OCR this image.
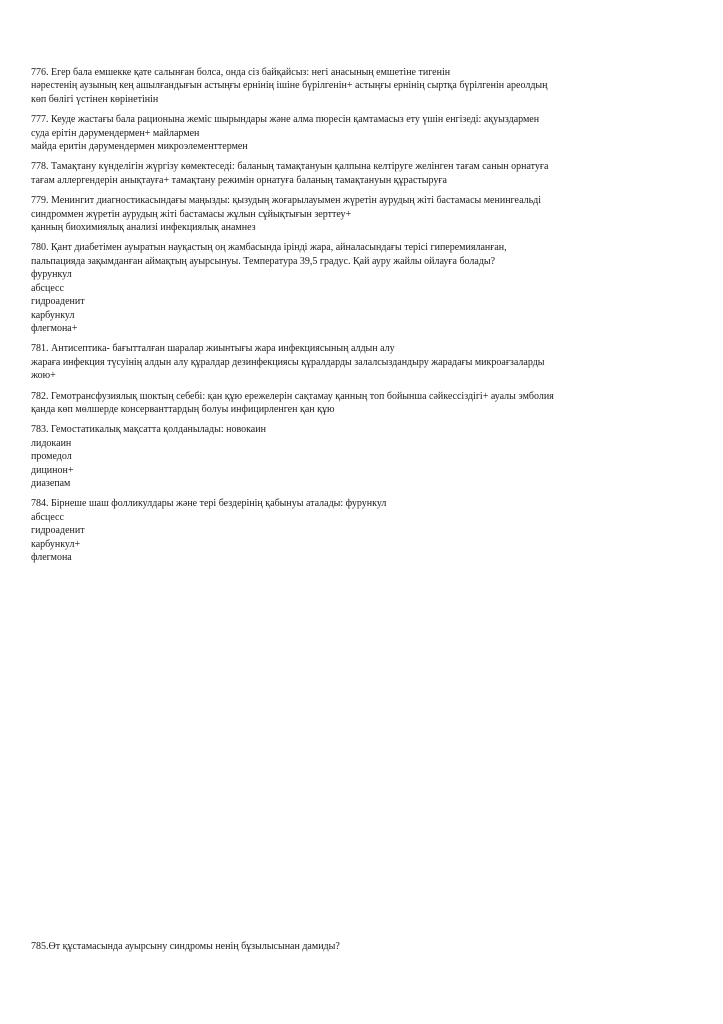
776. Егер бала емшекке қате салынған болса, онда сіз байқайсыз: негі анасының емшетіне тигенін
нәрестенің аузының кең ашылғандығын астыңғы ернінің ішіне бүрілгенін+ астыңғы ернінің сыртқа бүрілгенін ареолдың
көп бөлігі үстінен көрінетінін
777. Кеуде жастағы бала рационына жеміс шырындары және алма пюресін қамтамасыз ету үшін енгізеді: ақуыздармен
суда ерітін дәрумендермен+ майлармен
майда еритін дәрумендермен микроэлементтермен
778. Тамақтану күнделігін жүргізу көмектеседі: баланың тамақтануын қалпына келтіруге желінген тағам санын орнатуға
тағам аллергендерін анықтауға+ тамақтану режимін орнатуға баланың тамақтануын құрастыруға
779. Менингит диагностикасындағы маңызды: қызудың жоғарылауымен жүретін аурудың жіті бастамасы менингеальді
синдроммен жүретін аурудың жіті бастамасы жұлын сұйықтығын зерттеу+
қанның биохимиялық анализі инфекциялық анамнез
780. Қант диабетімен ауыратын науқастың оң жамбасында ірінді жара, айналасындағы терісі гиперемияланған,
пальпацияда зақымданған аймақтың ауырсынуы. Температура 39,5 градус. Қай ауру жайлы ойлауға болады?
фурункул
абсцесс
гидроаденит
карбункул
флегмона+
781. Антисептика- бағытталған шаралар жиынтығы жара инфекциясының алдын алу
жараға инфекция түсуінің алдын алу құралдар дезинфекциясы құралдарды залалсыздандыру жарадағы микроағзаларды
жою+
782. Гемотрансфузиялық шоктың себебі: қан құю ережелерін сақтамау қанның топ бойынша сәйкессіздігі+ ауалы эмболия
қанда көп мөлшерде консерванттардың болуы инфицирленген қан құю
783. Гемостатикалық мақсатта қолданылады: новокаин
лидокаин
промедол
дицинон+
диазепам
784. Бірнеше шаш фолликулдары және тері бездерінің қабынуы аталады: фурункул
абсцесс
гидроаденит
карбункул+
флегмона
785.Өт құстамасында ауырсыну синдромы ненің бұзылысынан дамиды?
